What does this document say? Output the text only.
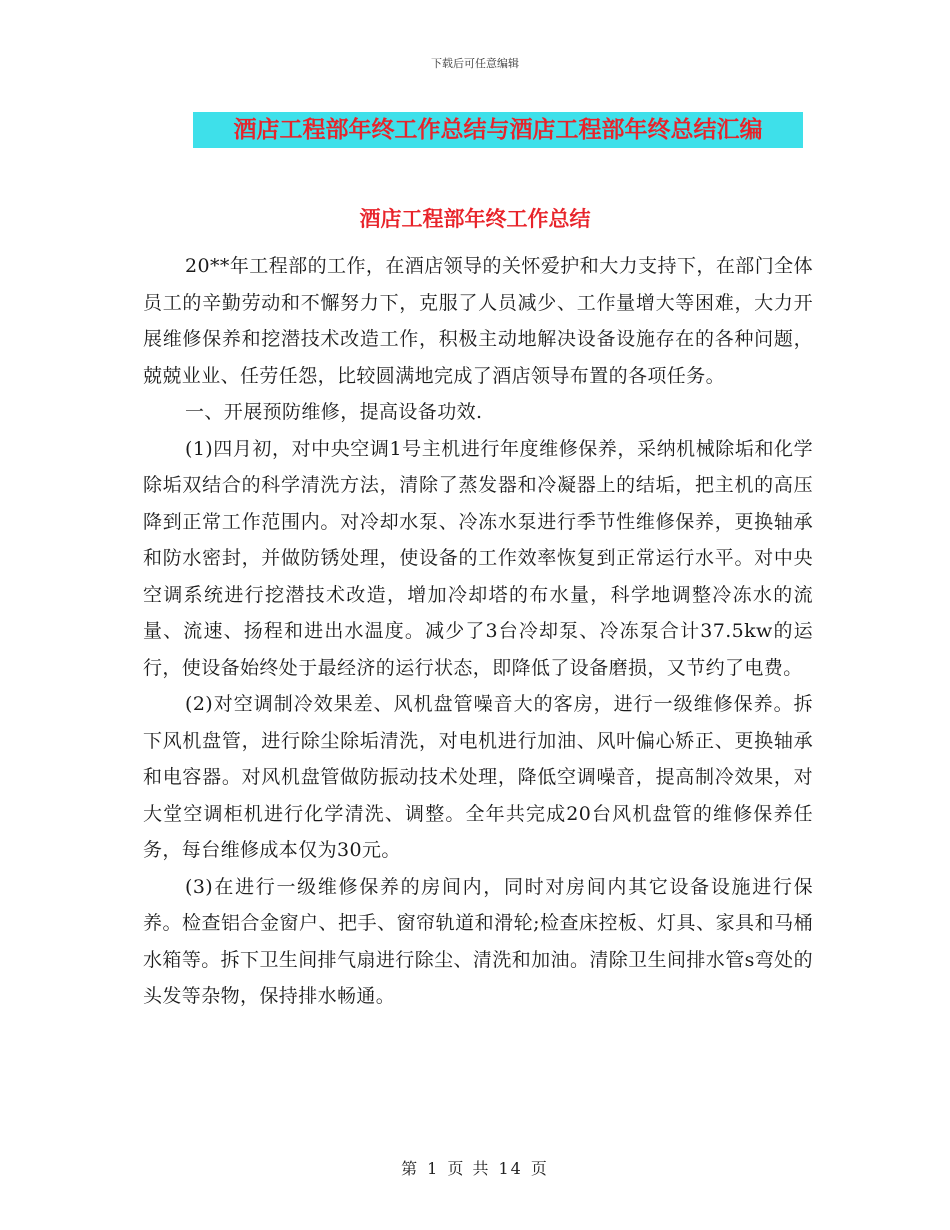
下载后可任意编辑
酒店工程部年终工作总结与酒店工程部年终总结汇编
酒店工程部年终工作总结

20**年工程部的工作，在酒店领导的关怀爱护和大力支持下，在部门全体员工的辛勤劳动和不懈努力下，克服了人员减少、工作量增大等困难，大力开展维修保养和挖潜技术改造工作，积极主动地解决设备设施存在的各种问题，兢兢业业、任劳任怨，比较圆满地完成了酒店领导布置的各项任务。

一、开展预防维修，提高设备功效.

(1)四月初，对中央空调1号主机进行年度维修保养，采纳机械除垢和化学除垢双结合的科学清洗方法，清除了蒸发器和冷凝器上的结垢，把主机的高压降到正常工作范围内。对冷却水泵、冷冻水泵进行季节性维修保养，更换轴承和防水密封，并做防锈处理，使设备的工作效率恢复到正常运行水平。对中央空调系统进行挖潜技术改造，增加冷却塔的布水量，科学地调整冷冻水的流量、流速、扬程和进出水温度。减少了3台冷却泵、冷冻泵合计37.5kw的运行，使设备始终处于最经济的运行状态，即降低了设备磨损，又节约了电费。

(2)对空调制冷效果差、风机盘管噪音大的客房，进行一级维修保养。拆下风机盘管，进行除尘除垢清洗，对电机进行加油、风叶偏心矫正、更换轴承和电容器。对风机盘管做防振动技术处理，降低空调噪音，提高制冷效果，对大堂空调柜机进行化学清洗、调整。全年共完成20台风机盘管的维修保养任务，每台维修成本仅为30元。

(3)在进行一级维修保养的房间内，同时对房间内其它设备设施进行保养。检查铝合金窗户、把手、窗帘轨道和滑轮;检查床控板、灯具、家具和马桶水箱等。拆下卫生间排气扇进行除尘、清洗和加油。清除卫生间排水管s弯处的头发等杂物，保持排水畅通。

第 1 页 共 14 页
